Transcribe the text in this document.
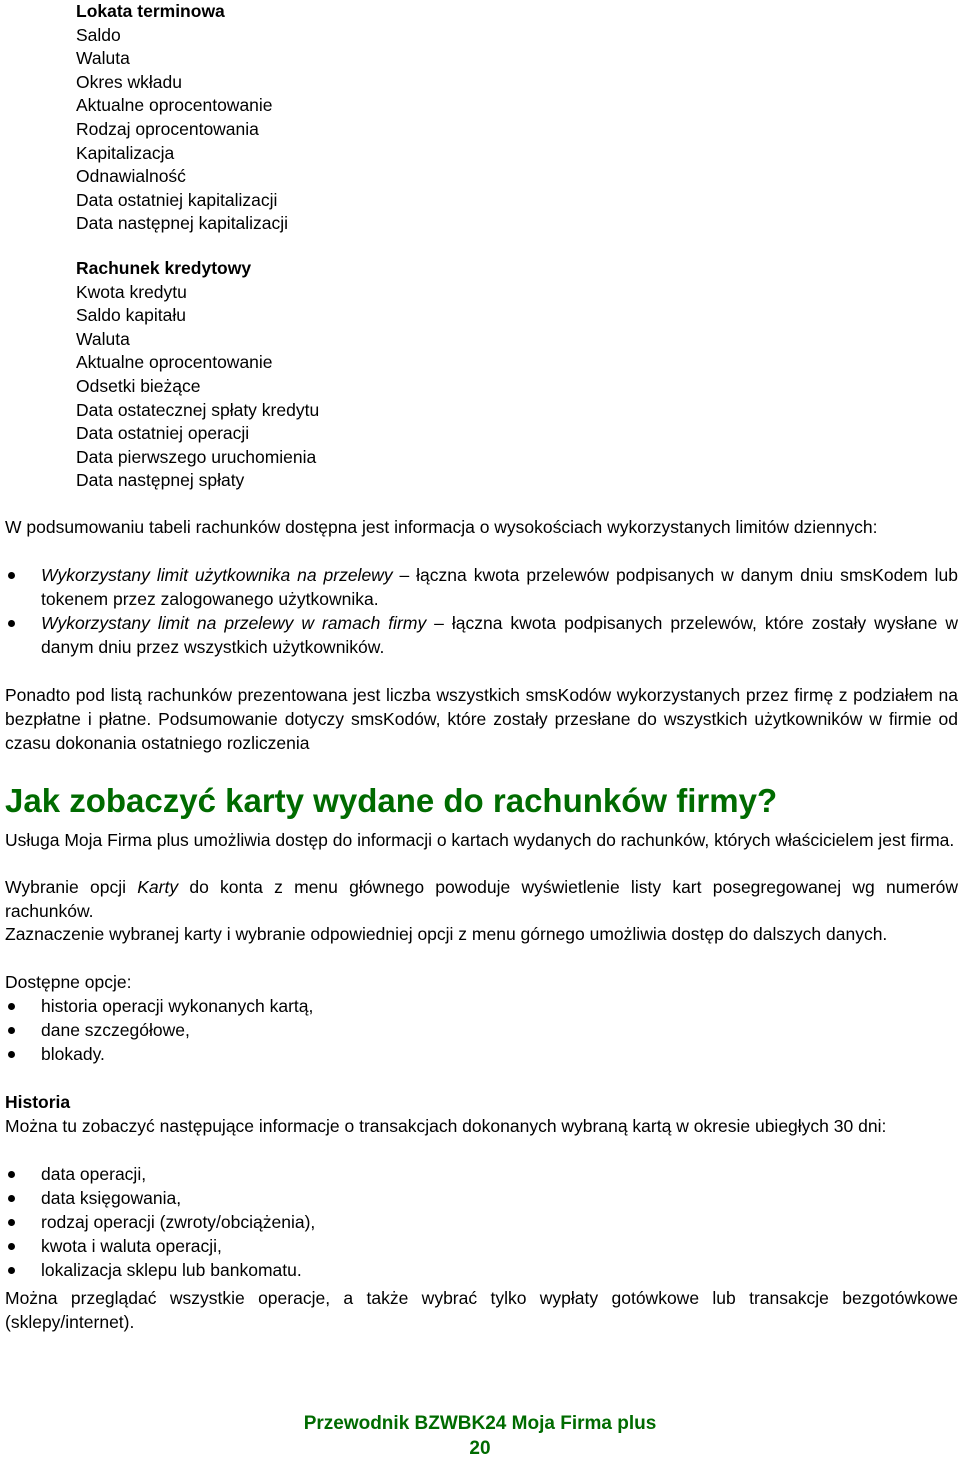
Lokata terminowa
Saldo
Waluta
Okres wkładu
Aktualne oprocentowanie
Rodzaj oprocentowania
Kapitalizacja
Odnawialność
Data ostatniej kapitalizacji
Data następnej kapitalizacji
Rachunek kredytowy
Kwota kredytu
Saldo kapitału
Waluta
Aktualne oprocentowanie
Odsetki bieżące
Data ostatecznej spłaty kredytu
Data ostatniej operacji
Data pierwszego uruchomienia
Data następnej spłaty
W podsumowaniu tabeli rachunków dostępna jest informacja o wysokościach wykorzystanych limitów dziennych:
Wykorzystany limit użytkownika na przelewy – łączna kwota przelewów podpisanych w danym dniu smsKodem lub tokenem przez zalogowanego użytkownika.
Wykorzystany limit na przelewy w ramach firmy – łączna kwota podpisanych przelewów, które zostały wysłane w danym dniu przez wszystkich użytkowników.
Ponadto pod listą rachunków prezentowana jest liczba wszystkich smsKodów wykorzystanych przez firmę z podziałem na bezpłatne i płatne. Podsumowanie dotyczy smsKodów, które zostały przesłane do wszystkich użytkowników w firmie od czasu dokonania ostatniego rozliczenia
Jak zobaczyć karty wydane do rachunków firmy?
Usługa Moja Firma plus umożliwia dostęp do informacji o kartach wydanych do rachunków, których właścicielem jest firma.
Wybranie opcji Karty do konta z menu głównego powoduje wyświetlenie listy kart posegregowanej wg numerów rachunków.
Zaznaczenie wybranej karty i wybranie odpowiedniej opcji z menu górnego umożliwia dostęp do dalszych danych.
Dostępne opcje:
historia operacji wykonanych kartą,
dane szczegółowe,
blokady.
Historia
Można tu zobaczyć następujące informacje o transakcjach dokonanych wybraną kartą w okresie ubiegłych 30 dni:
data operacji,
data księgowania,
rodzaj operacji (zwroty/obciążenia),
kwota i waluta operacji,
lokalizacja sklepu lub bankomatu.
Można przeglądać wszystkie operacje, a także wybrać tylko wypłaty gotówkowe lub transakcje bezgotówkowe (sklepy/internet).
Przewodnik BZWBK24 Moja Firma plus
20
